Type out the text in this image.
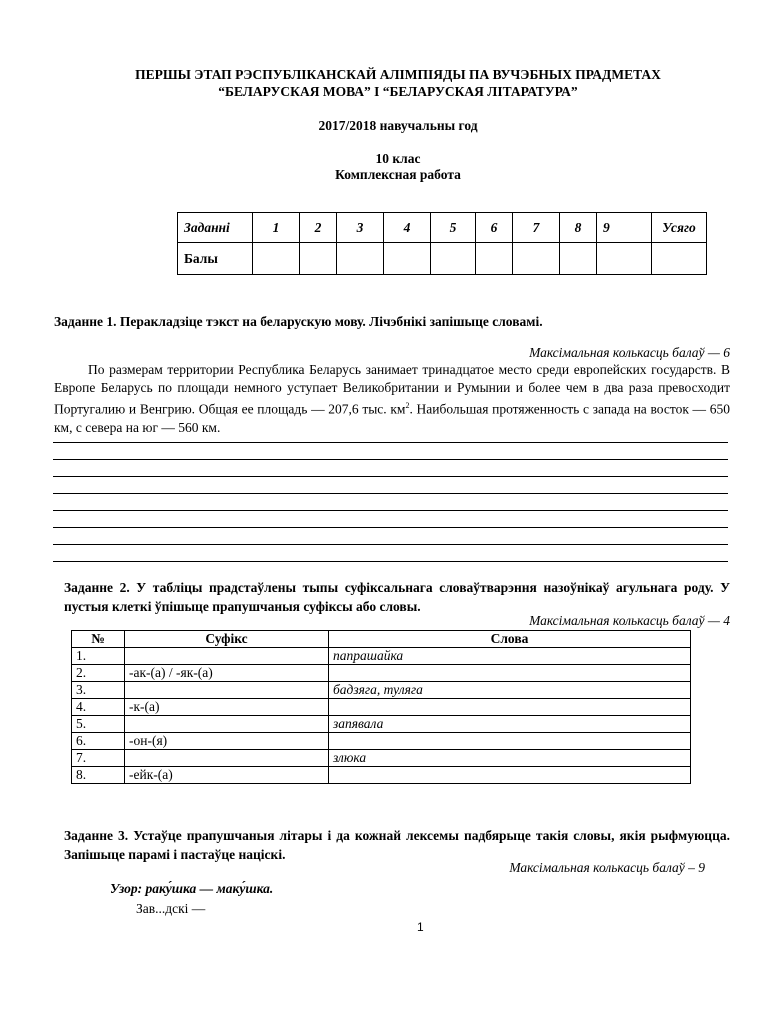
ПЕРШЫ ЭТАП РЭСПУБЛІКАНСКАЙ АЛІМПІЯДЫ ПА ВУЧЭБНЫХ ПРАДМЕТАХ
“БЕЛАРУСКАЯ МОВА” І “БЕЛАРУСКАЯ ЛІТАРАТУРА”
2017/2018 навучальны год
10 клас
Комплексная работа
Заданні	1	2	3	4	5	6	7	8	9	Усяго
Балы										
Заданне 1. Перакладзіце тэкст на беларускую мову. Лічэбнікі запішыце словамі.
Максімальная колькасць балаў — 6
По размерам территории Республика Беларусь занимает тринадцатое место среди европейских государств. В Европе Беларусь по площади немного уступает Великобритании и Румынии и более чем в два раза превосходит Португалию и Венгрию. Общая ее площадь — 207,6 тыс. $км^2$. Наибольшая протяженность с запада на восток — 650 км, с севера на юг — 560 км.
Заданне 2. У табліцы прадстаўлены тыпы суфіксальнага словаўтварэння назоўнікаў агульнага роду. У пустыя клеткі ўпішыце прапушчаныя суфіксы або словы.
Максімальная колькасць балаў — 4
№	Суфікс	Слова
1.		папрашайка
2.	-ак-(а) / -як-(а)	
3.		бадзяга, туляга
4.	-к-(а)	
5.		запявала
6.	-он-(я)	
7.		злюка
8.	-ейк-(а)	
Заданне 3. Устаўце прапушчаныя літары і да кожнай лексемы падбярыце такія словы, якія рыфмуюцца. Запішыце парамі і пастаўце націскі.
Максімальная колькасць балаў – 9
Узор: раку́шка — маку́шка.
Зав...дскі —
1
